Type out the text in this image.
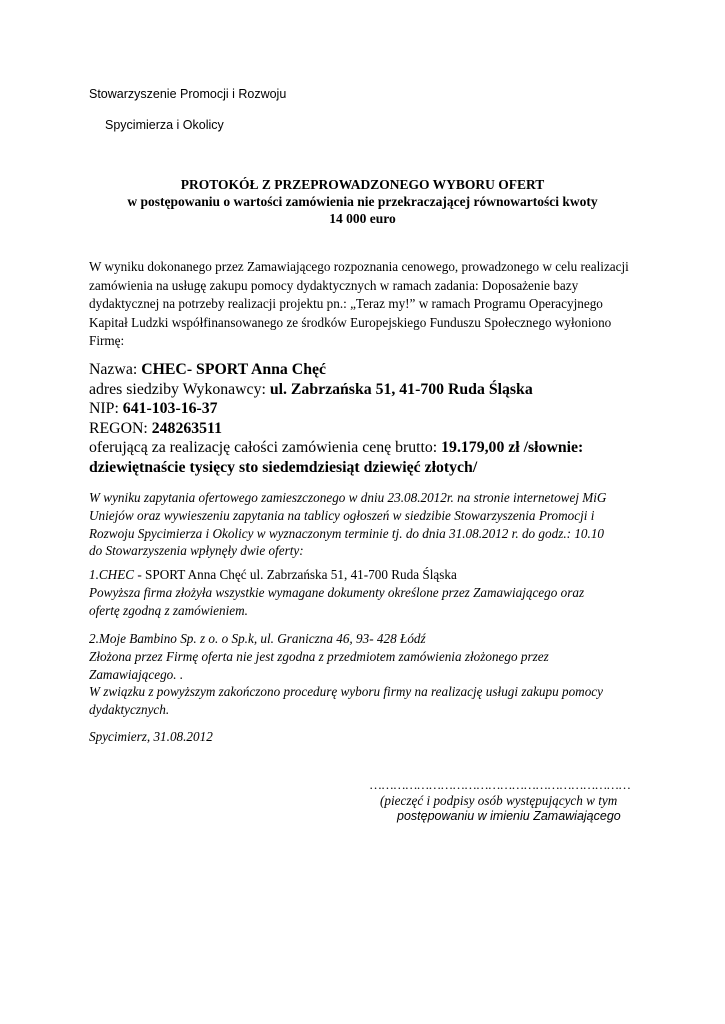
Stowarzyszenie Promocji i Rozwoju
Spycimierza i Okolicy
PROTOKÓŁ Z PRZEPROWADZONEGO WYBORU OFERT
w postępowaniu o wartości zamówienia nie przekraczającej równowartości kwoty
14 000 euro

W wyniku dokonanego przez Zamawiającego rozpoznania cenowego, prowadzonego w celu realizacji

zamówienia na usługę zakupu pomocy dydaktycznych w ramach zadania: Doposażenie bazy

dydaktycznej na potrzeby realizacji projektu pn.: „Teraz my!” w ramach Programu Operacyjnego

Kapitał Ludzki współfinansowanego ze środków Europejskiego Funduszu Społecznego wyłoniono

Firmę:

Nazwa: CHEC- SPORT Anna Chęć

adres siedziby Wykonawcy: ul. Zabrzańska 51, 41-700 Ruda Śląska

NIP: 641-103-16-37

REGON: 248263511

oferującą za realizację całości zamówienia cenę brutto: 19.179,00 zł /słownie:

dziewiętnaście tysięcy sto siedemdziesiąt dziewięć złotych/

W wyniku zapytania ofertowego zamieszczonego w dniu 23.08.2012r. na stronie internetowej MiG

Uniejów oraz wywieszeniu zapytania na tablicy ogłoszeń w siedzibie Stowarzyszenia Promocji i

Rozwoju Spycimierza i Okolicy w wyznaczonym terminie tj. do dnia 31.08.2012 r. do godz.: 10.10

do Stowarzyszenia wpłynęły dwie oferty:

1.CHEC - SPORT Anna Chęć ul. Zabrzańska 51, 41-700 Ruda Śląska

Powyższa firma złożyła wszystkie wymagane dokumenty określone przez Zamawiającego oraz

ofertę zgodną z zamówieniem.

2.Moje Bambino Sp. z o. o Sp.k, ul. Graniczna 46, 93- 428 Łódź

Złożona przez Firmę oferta nie jest zgodna z przedmiotem zamówienia złożonego przez

Zamawiającego. .

W związku z powyższym zakończono procedurę wyboru firmy na realizację usługi zakupu pomocy

dydaktycznych.

Spycimierz, 31.08.2012

…………………………………………………………
(pieczęć i podpisy osób występujących w tym
postępowaniu w imieniu Zamawiającego
